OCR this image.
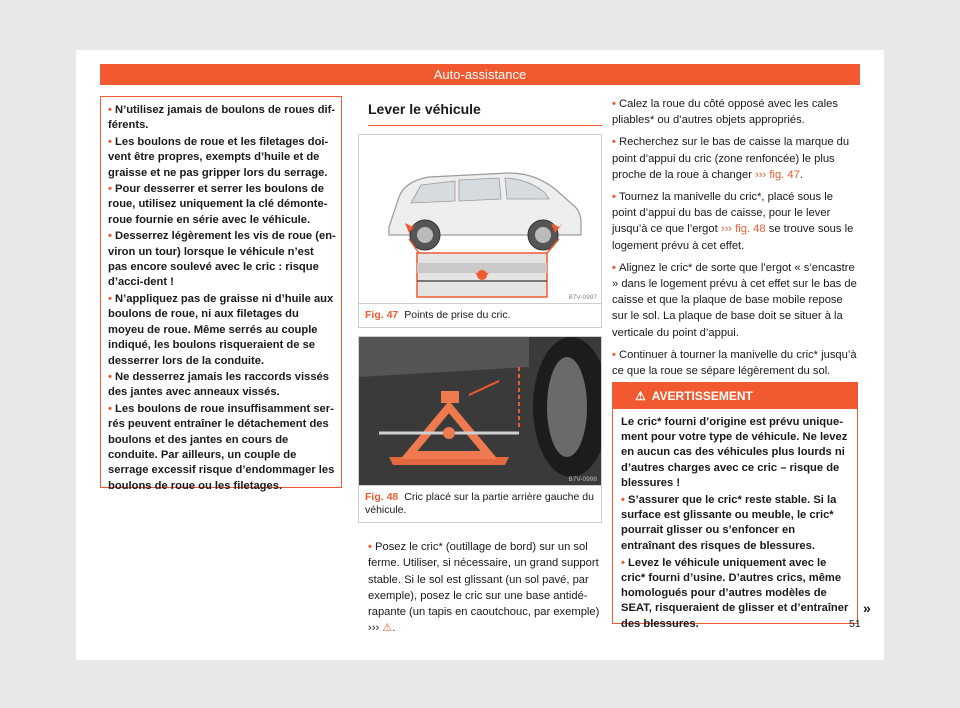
Auto-assistance

• N’utilisez jamais de boulons de roues différents.

• Les boulons de roue et les filetages doivent être propres, exempts d’huile et de graisse et ne pas gripper lors du serrage.

• Pour desserrer et serrer les boulons de roue, utilisez uniquement la clé démonte-roue fournie en série avec le véhicule.

• Desserrez légèrement les vis de roue (en-viron un tour) lorsque le véhicule n’est pas encore soulevé avec le cric : risque d’acci-dent !

• N’appliquez pas de graisse ni d’huile aux boulons de roue, ni aux filetages du moyeu de roue. Même serrés au couple indiqué, les boulons risqueraient de se desserrer lors de la conduite.

• Ne desserrez jamais les raccords vissés des jantes avec anneaux vissés.

• Les boulons de roue insuffisamment serrés peuvent entraîner le détachement des boulons et des jantes en cours de conduite. Par ailleurs, un couple de serrage excessif risque d’endommager les boulons de roue ou les filetages.

Lever le véhicule
B7V-0997
Fig. 47 Points de prise du cric.
B7V-0998
Fig. 48 Cric placé sur la partie arrière gauche du véhicule.
• Posez le cric* (outillage de bord) sur un sol ferme. Utiliser, si nécessaire, un grand support stable. Si le sol est glissant (un sol pavé, par exemple), posez le cric sur une base antidérapante (un tapis en caoutchouc, par exemple) ››› ⚠.

• Calez la roue du côté opposé avec les cales pliables* ou d’autres objets appropriés.

• Recherchez sur le bas de caisse la marque du point d’appui du cric (zone renfoncée) le plus proche de la roue à changer ››› fig. 47.

• Tournez la manivelle du cric*, placé sous le point d’appui du bas de caisse, pour le lever jusqu’à ce que l’ergot ››› fig. 48 se trouve sous le logement prévu à cet effet.

• Alignez le cric* de sorte que l’ergot « s’encastre » dans le logement prévu à cet effet sur le bas de caisse et que la plaque de base mobile repose sur le sol. La plaque de base doit se situer à la verticale du point d’appui.

• Continuer à tourner la manivelle du cric* jusqu’à ce que la roue se sépare légèrement du sol.

⚠ AVERTISSEMENT

Le cric* fourni d’origine est prévu uniquement pour votre type de véhicule. Ne levez en aucun cas des véhicules plus lourds ni d’autres charges avec ce cric – risque de blessures !

• S’assurer que le cric* reste stable. Si la surface est glissante ou meuble, le cric* pourrait glisser ou s’enfoncer en entraînant des risques de blessures.

• Levez le véhicule uniquement avec le cric* fourni d’usine. D’autres crics, même homologués pour d’autres modèles de SEAT, risqueraient de glisser et d’entraîner des blessures.

»
51
